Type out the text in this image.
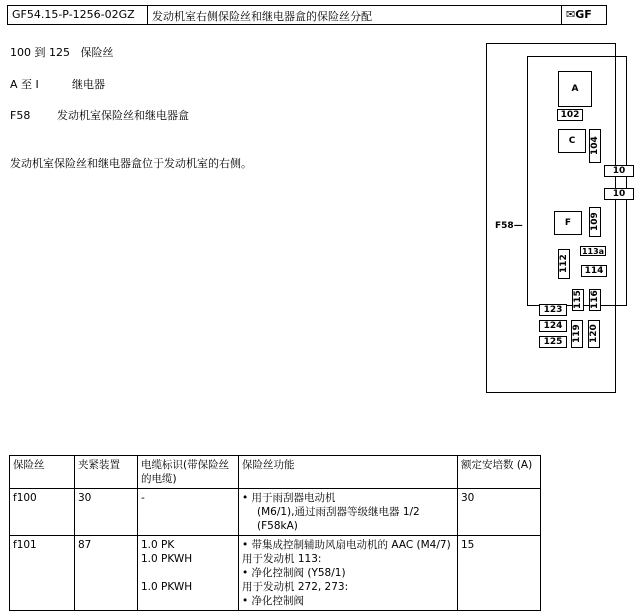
GF54.15-P-1256-02GZ	发动机室右侧保险丝和继电器盒的保险丝分配	✉GF
100 到 125 保险丝
A 至 I	继电器
F58 发动机室保险丝和继电器盒
发动机室保险丝和继电器盒位于发动机室的右侧。
F58—
A
102
C	104
10
10
F	109
113a
112	114
115 116
123
124
125	119 120
保险丝	夹紧装置	电缆标识(带保险丝的电缆)	保险丝功能	额定安培数 (A)
f100	30	-	• 用于雨刮器电动机
(M6/1),通过雨刮器等级继电器 1/2 (F58kA)	30
f101	87	1.0 PK
1.0 PKWH

1.0 PKWH	• 带集成控制辅助风扇电动机的 AAC (M4/7)
用于发动机 113:
• 净化控制阀 (Y58/1)
用于发动机 272, 273:
• 净化控制阀	15
